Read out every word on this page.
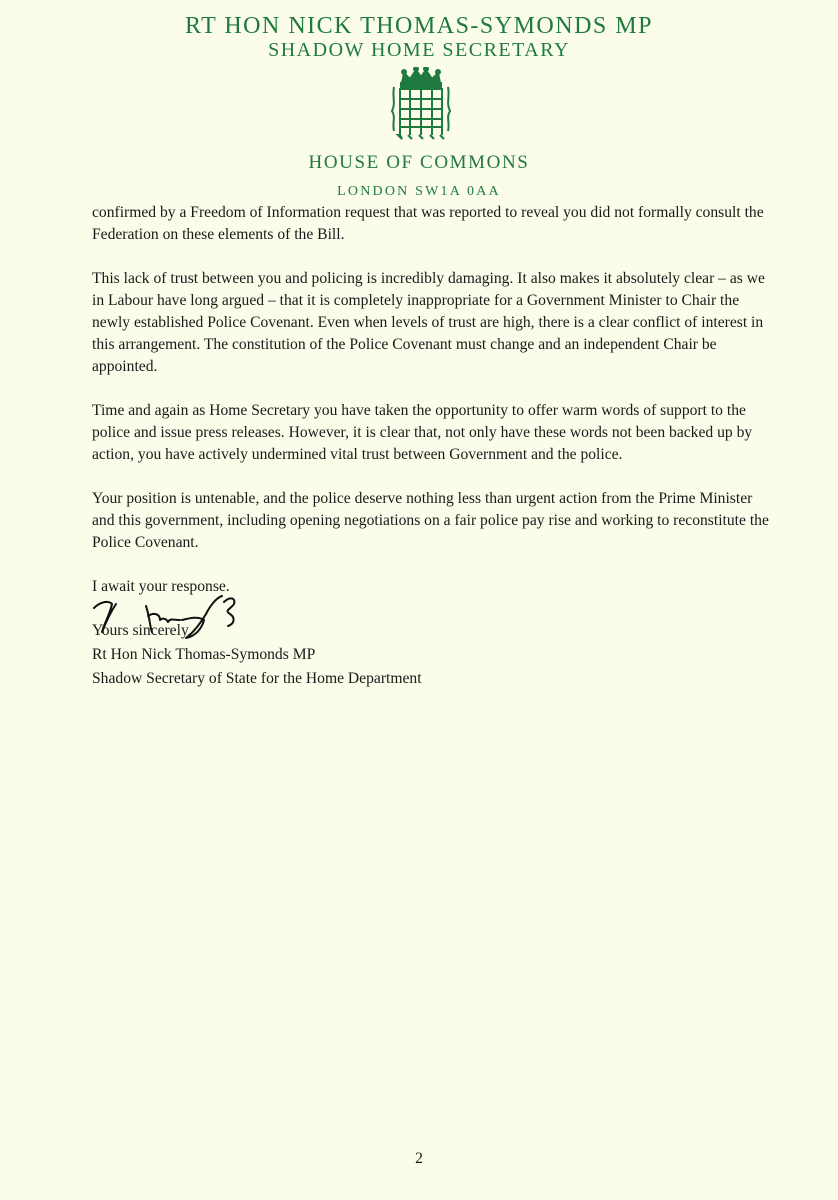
RT HON NICK THOMAS-SYMONDS MP
SHADOW HOME SECRETARY
HOUSE OF COMMONS
LONDON SW1A 0AA

confirmed by a Freedom of Information request that was reported to reveal you did not formally consult the Federation on these elements of the Bill.

This lack of trust between you and policing is incredibly damaging. It also makes it absolutely clear – as we in Labour have long argued – that it is completely inappropriate for a Government Minister to Chair the newly established Police Covenant. Even when levels of trust are high, there is a clear conflict of interest in this arrangement. The constitution of the Police Covenant must change and an independent Chair be appointed.

Time and again as Home Secretary you have taken the opportunity to offer warm words of support to the police and issue press releases. However, it is clear that, not only have these words not been backed up by action, you have actively undermined vital trust between Government and the police.

Your position is untenable, and the police deserve nothing less than urgent action from the Prime Minister and this government, including opening negotiations on a fair police pay rise and working to reconstitute the Police Covenant.

I await your response.

Yours sincerely,

Rt Hon Nick Thomas-Symonds MP
Shadow Secretary of State for the Home Department
2
